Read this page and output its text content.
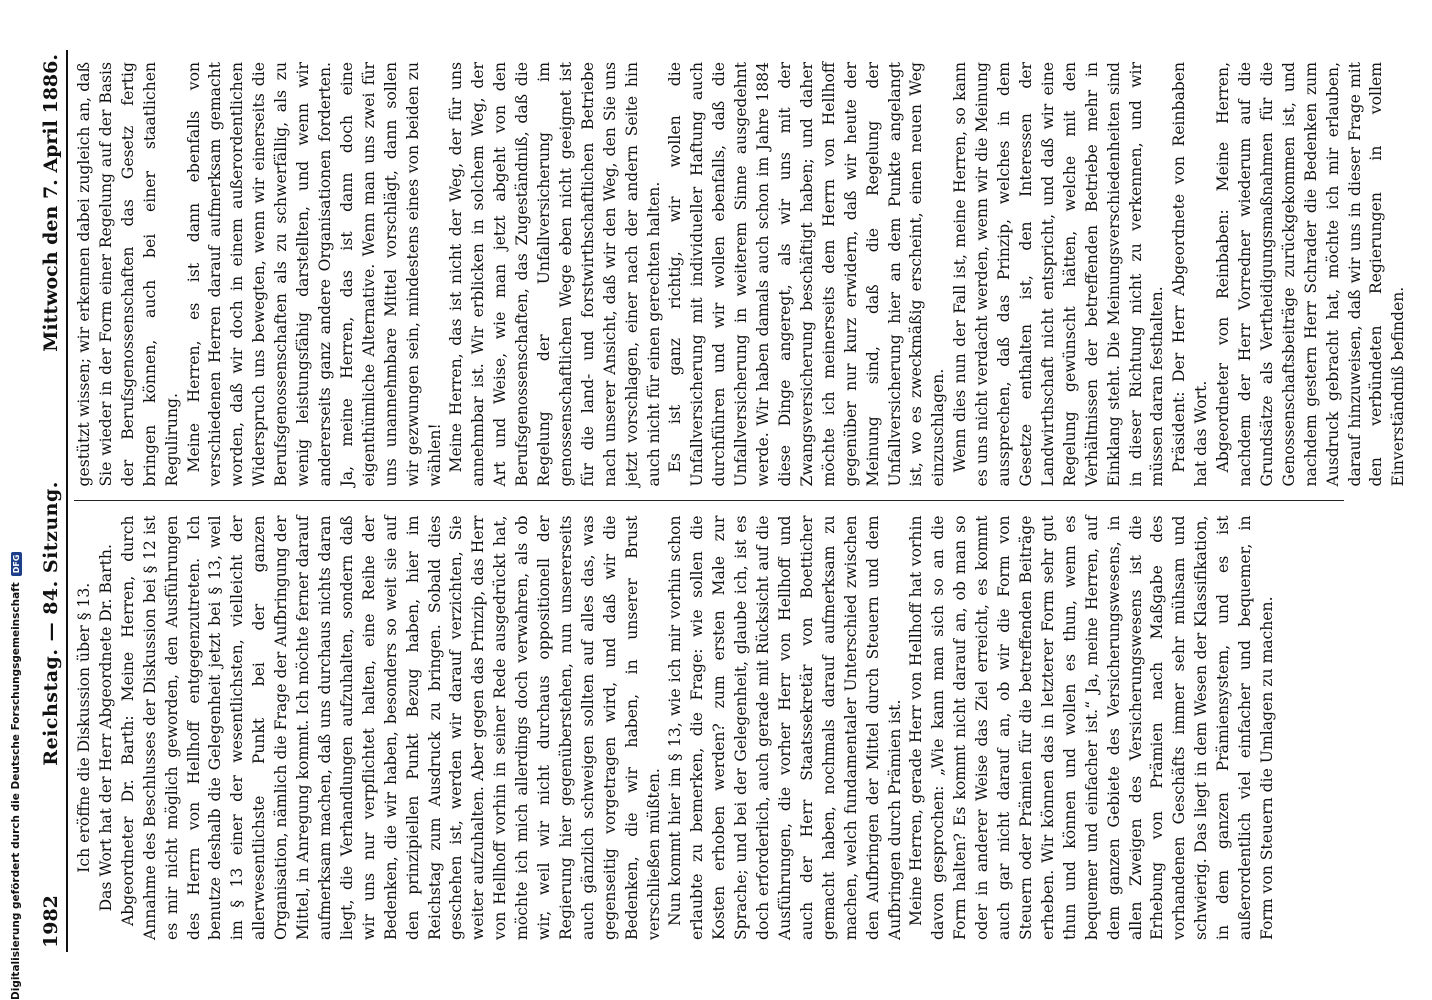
1982
Reichstag. — 84. Sitzung.
Mittwoch den 7. April 1886.

Ich eröffne die Diskussion über § 13. Das Wort hat der Herr Abgeordnete Dr. Barth. Abgeordneter Dr. Barth: Meine Herren, durch Annahme des Beschlusses der Diskussion bei § 12 ist es mir nicht möglich geworden, den Ausführungen des Herrn von Hellhoff entgegenzutreten. Ich benutze deshalb die Gelegenheit jetzt bei § 13, weil im § 13 einer der wesentlichsten, vielleicht der allerwesentlichste Punkt bei der ganzen Organisation, nämlich die Frage der Aufbringung der Mittel, in Anregung kommt. Ich möchte ferner darauf aufmerksam machen, daß uns durchaus nichts daran liegt, die Verhandlungen aufzuhalten, sondern daß wir uns nur verpflichtet halten, eine Reihe der Bedenken, die wir haben, besonders so weit sie auf den prinzipiellen Punkt Bezug haben, hier im Reichstag zum Ausdruck zu bringen. Sobald dies geschehen ist, werden wir darauf verzichten, Sie weiter aufzuhalten. Aber gegen das Prinzip, das Herr von Hellhoff vorhin in seiner Rede ausgedrückt hat, möchte ich mich allerdings doch verwahren, als ob wir, weil wir nicht durchaus oppositionell der Regierung hier gegenüberstehen, nun unsererseits auch gänzlich schweigen sollten auf alles das, was gegenseitig vorgetragen wird, und daß wir die Bedenken, die wir haben, in unserer Brust verschließen müßten. Nun kommt hier im § 13, wie ich mir vorhin schon erlaubte zu bemerken, die Frage: wie sollen die Kosten erhoben werden? zum ersten Male zur Sprache; und bei der Gelegenheit, glaube ich, ist es doch erforderlich, auch gerade mit Rücksicht auf die Ausführungen, die vorher Herr von Hellhoff und auch der Herr Staatssekretär von Boetticher gemacht haben, nochmals darauf aufmerksam zu machen, welch fundamentaler Unterschied zwischen den Aufbringen der Mittel durch Steuern und dem Aufbringen durch Prämien ist. Meine Herren, gerade Herr von Hellhoff hat vorhin davon gesprochen: „Wie kann man sich so an die Form halten? Es kommt nicht darauf an, ob man so oder in anderer Weise das Ziel erreicht, es kommt auch gar nicht darauf an, ob wir die Form von Steuern oder Prämien für die betreffenden Beiträge erheben. Wir können das in letzterer Form sehr gut thun und können und wollen es thun, wenn es bequemer und einfacher ist.“ Ja, meine Herren, auf dem ganzen Gebiete des Versicherungswesens, in allen Zweigen des Versicherungswesens ist die Erhebung von Prämien nach Maßgabe des vorhandenen Geschäfts immer sehr mühsam und schwierig. Das liegt in dem Wesen der Klassifikation, in dem ganzen Prämiensystem, und es ist außerordentlich viel einfacher und bequemer, in Form von Steuern die Umlagen zu machen.

gestützt wissen; wir erkennen dabei zugleich an, daß Sie wieder in der Form einer Regelung auf der Basis der Berufsgenossenschaften das Gesetz fertig bringen können, auch bei einer staatlichen Regulirung. Meine Herren, es ist dann ebenfalls von verschiedenen Herren darauf aufmerksam gemacht worden, daß wir doch in einem außerordentlichen Widerspruch uns bewegten, wenn wir einerseits die Berufsgenossenschaften als zu schwerfällig, als zu wenig leistungsfähig darstellten, und wenn wir andererseits ganz andere Organisationen forderten. Ja, meine Herren, das ist dann doch eine eigenthümliche Alternative. Wenn man uns zwei für uns unannehmbare Mittel vorschlägt, dann sollen wir gezwungen sein, mindestens eines von beiden zu wählen! Meine Herren, das ist nicht der Weg, der für uns annehmbar ist. Wir erblicken in solchem Weg, der Art und Weise, wie man jetzt abgeht von den Berufsgenossenschaften, das Zugeständniß, daß die Regelung der Unfallversicherung im genossenschaftlichen Wege eben nicht geeignet ist für die land- und forstwirthschaftlichen Betriebe nach unserer Ansicht, daß wir den Weg, den Sie uns jetzt vorschlagen, einer nach der andern Seite hin auch nicht für einen gerechten halten. Es ist ganz richtig, wir wollen die Unfallversicherung mit individueller Haftung auch durchführen und wir wollen ebenfalls, daß die Unfallversicherung in weiterem Sinne ausgedehnt werde. Wir haben damals auch schon im Jahre 1884 diese Dinge angeregt, als wir uns mit der Zwangsversicherung beschäftigt haben; und daher möchte ich meinerseits dem Herrn von Hellhoff gegenüber nur kurz erwidern, daß wir heute der Meinung sind, daß die Regelung der Unfallversicherung hier an dem Punkte angelangt ist, wo es zweckmäßig erscheint, einen neuen Weg einzuschlagen. Wenn dies nun der Fall ist, meine Herren, so kann es uns nicht verdacht werden, wenn wir die Meinung aussprechen, daß das Prinzip, welches in dem Gesetze enthalten ist, den Interessen der Landwirthschaft nicht entspricht, und daß wir eine Regelung gewünscht hätten, welche mit den Verhältnissen der betreffenden Betriebe mehr in Einklang steht. Die Meinungsverschiedenheiten sind in dieser Richtung nicht zu verkennen, und wir müssen daran festhalten. Präsident: Der Herr Abgeordnete von Reinbaben hat das Wort. Abgeordneter von Reinbaben: Meine Herren, nachdem der Herr Vorredner wiederum auf die Grundsätze als Vertheidigungsmaßnahmen für die Genossenschaftsbeiträge zurückgekommen ist, und nachdem gestern Herr Schrader die Bedenken zum Ausdruck gebracht hat, möchte ich mir erlauben, darauf hinzuweisen, daß wir uns in dieser Frage mit den verbündeten Regierungen in vollem Einverständniß befinden.

Digitalisierung gefördert durch die Deutsche Forschungsgemeinschaft
DFG
